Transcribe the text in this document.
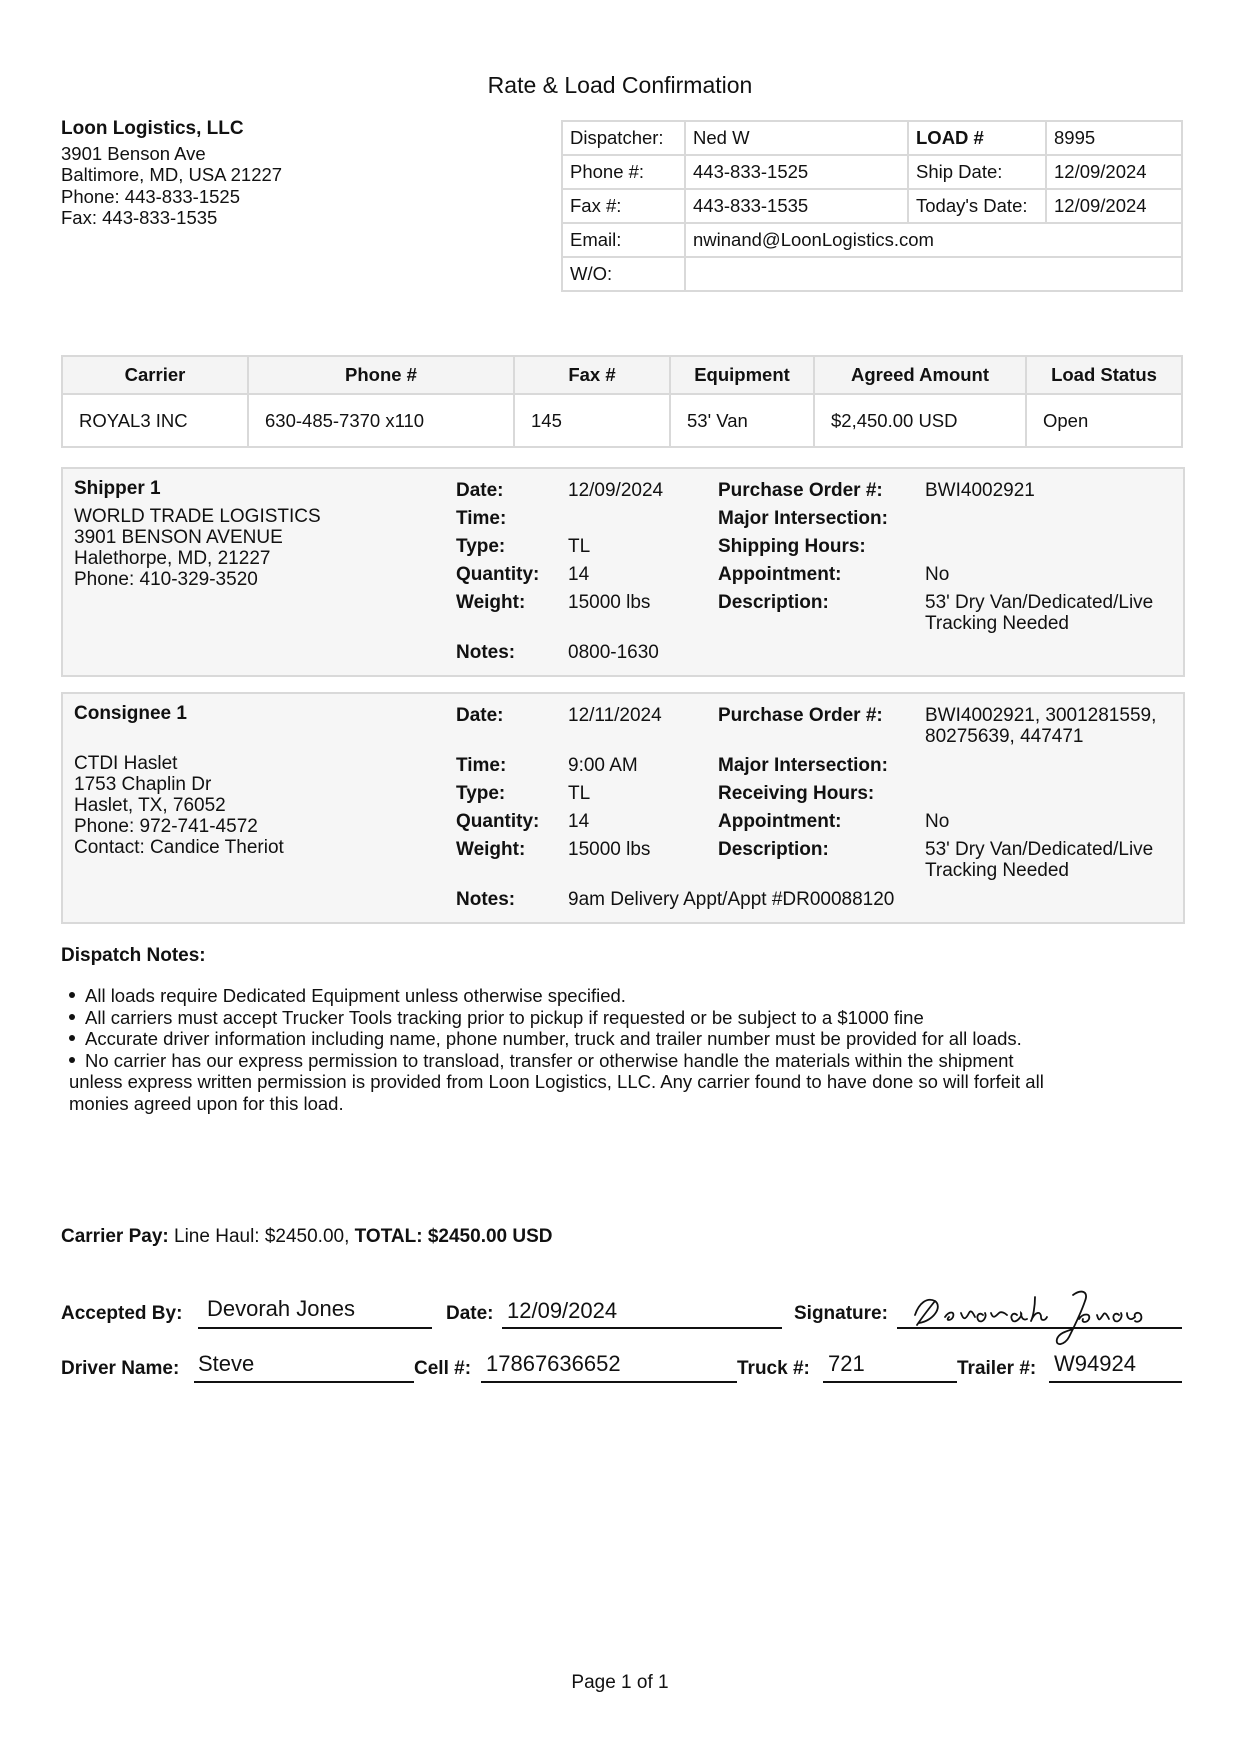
Rate & Load Confirmation
Loon Logistics, LLC
3901 Benson Ave
Baltimore, MD, USA 21227
Phone: 443-833-1525
Fax: 443-833-1535
Dispatcher:	Ned W	LOAD #	8995
Phone #:	443-833-1525	Ship Date:	12/09/2024
Fax #:	443-833-1535	Today's Date:	12/09/2024
Email:	nwinand@LoonLogistics.com		
W/O:			
Carrier	Phone #	Fax #	Equipment	Agreed Amount	Load Status
ROYAL3 INC	630-485-7370 x110	145	53' Van	$2,450.00 USD	Open
Shipper 1
WORLD TRADE LOGISTICS
3901 BENSON AVENUE
Halethorpe, MD, 21227
Phone: 410-329-3520
Date:	12/09/2024
Time:
Type:	TL
Quantity: 14
Weight: 15000 lbs
Notes:	0800-1630
Purchase Order #: BWI4002921
Major Intersection:
Shipping Hours:
Appointment:	No
Description:	53' Dry Van/Dedicated/Live
Tracking Needed
Consignee 1
CTDI Haslet
1753 Chaplin Dr
Haslet, TX, 76052
Phone: 972-741-4572
Contact: Candice Theriot
Date:	12/11/2024
Time:	9:00 AM
Type:	TL
Quantity: 14
Weight: 15000 lbs
Notes:	9am Delivery Appt/Appt #DR00088120
Purchase Order #: BWI4002921, 3001281559,
80275639, 447471
Major Intersection:
Receiving Hours:
Appointment:	No
Description:	53' Dry Van/Dedicated/Live
Tracking Needed
Dispatch Notes:
All loads require Dedicated Equipment unless otherwise specified.
All carriers must accept Trucker Tools tracking prior to pickup if requested or be subject to a $1000 fine
Accurate driver information including name, phone number, truck and trailer number must be provided for all loads.
No carrier has our express permission to transload, transfer or otherwise handle the materials within the shipment
unless express written permission is provided from Loon Logistics, LLC. Any carrier found to have done so will forfeit all
monies agreed upon for this load.
Carrier Pay: Line Haul: $2450.00, TOTAL: $2450.00 USD
Accepted By: Devorah Jones	Date: 12/09/2024	Signature:
Driver Name: Steve	Cell #: 17867636652	Truck #: 721	Trailer #: W94924
Page 1 of 1
